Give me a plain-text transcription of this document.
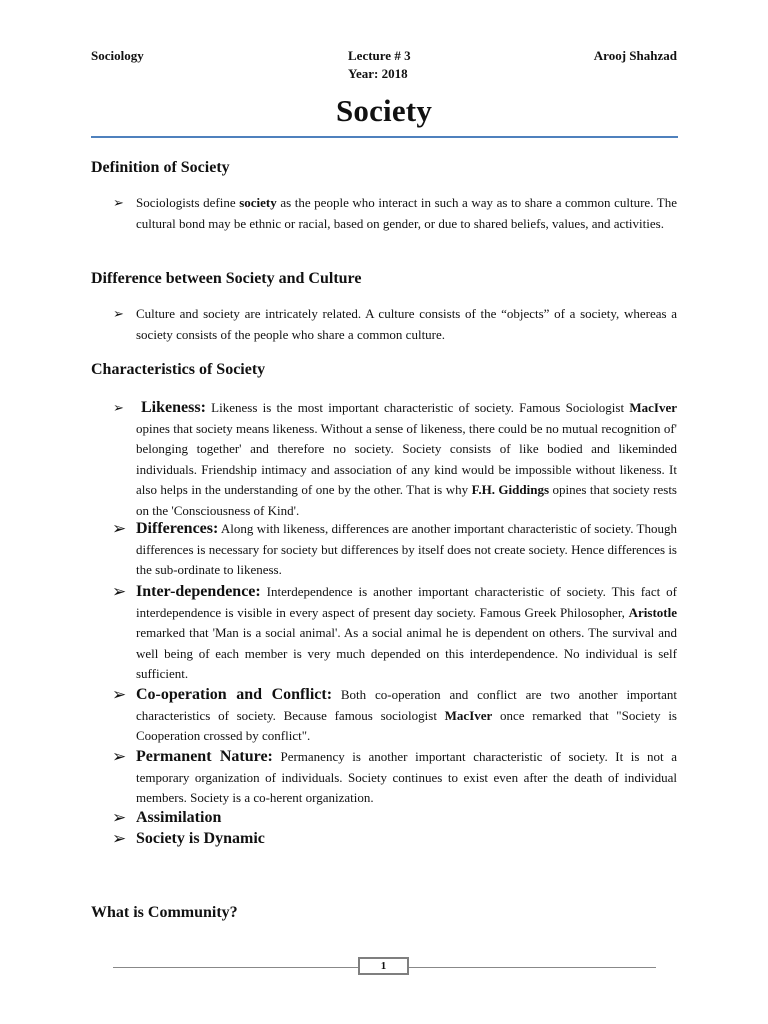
Sociology	Lecture # 3
Year: 2018
Arooj Shahzad
Society
Definition of Society
➢ Sociologists define society as the people who interact in such a way as to share a common culture. The cultural bond may be ethnic or racial, based on gender, or due to shared beliefs, values, and activities.
Difference between Society and Culture
➢ Culture and society are intricately related. A culture consists of the “objects” of a society, whereas a society consists of the people who share a common culture.
Characteristics of Society
➢	Likeness: Likeness is the most important characteristic of society. Famous Sociologist MacIver opines that society means likeness. Without a sense of likeness, there could be no mutual recognition of' belonging together' and therefore no society. Society consists of like bodied and likeminded individuals. Friendship intimacy and association of any kind would be impossible without likeness. It also helps in the understanding of one by the other. That is why F.H. Giddings opines that society rests on the 'Consciousness of Kind'.
➢ Differences: Along with likeness, differences are another important characteristic of society. Though differences is necessary for society but differences by itself does not create society. Hence differences is the sub-ordinate to likeness.
➢ Inter-dependence: Interdependence is another important characteristic of society. This fact of interdependence is visible in every aspect of present day society. Famous Greek Philosopher, Aristotle remarked that 'Man is a social animal'. As a social animal he is dependent on others. The survival and well being of each member is very much depended on this interdependence. No individual is self sufficient.
➢ Co-operation and Conflict: Both co-operation and conflict are two another important characteristics of society. Because famous sociologist MacIver once remarked that "Society is Cooperation crossed by conflict".
➢ Permanent Nature: Permanency is another important characteristic of society. It is not a temporary organization of individuals. Society continues to exist even after the death of individual members. Society is a co-herent organization.
➢ Assimilation
➢ Society is Dynamic
What is Community?
1
